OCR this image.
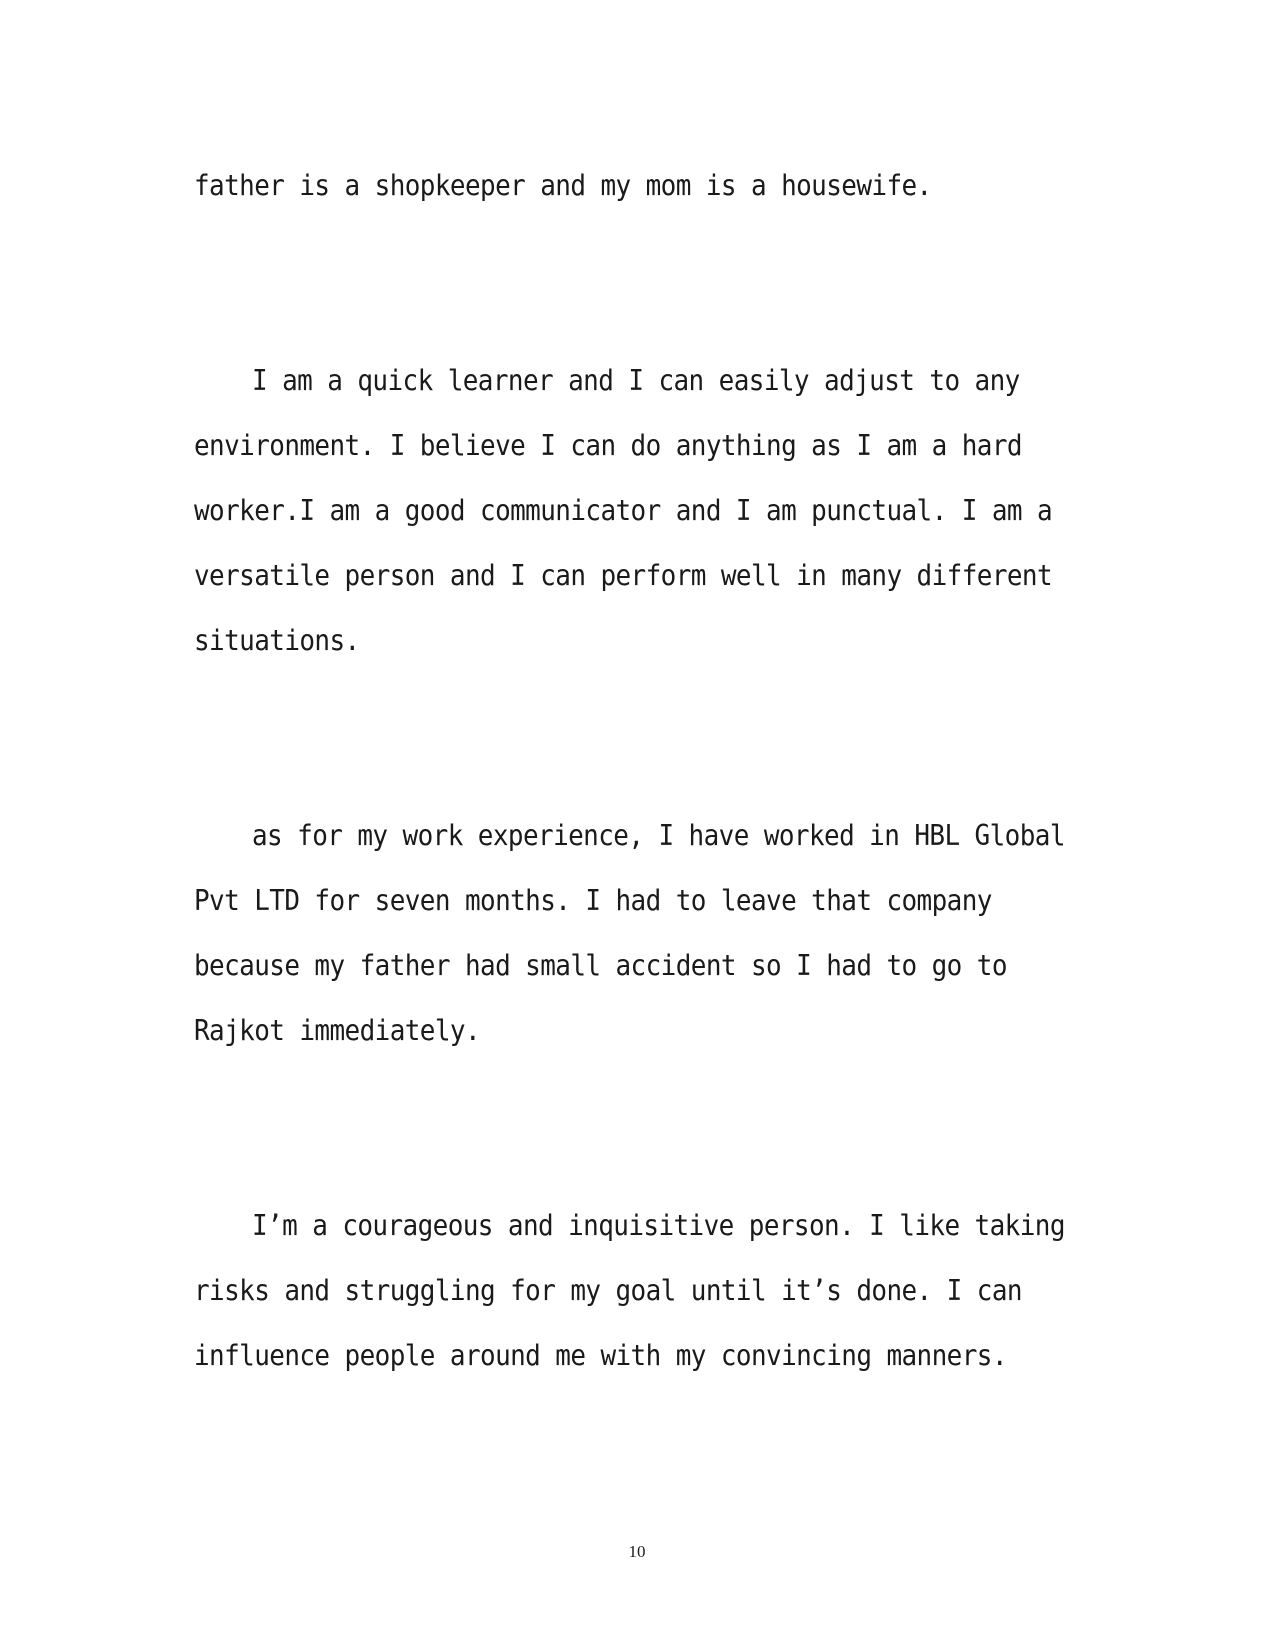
father is a shopkeeper and my mom is a housewife.

I am a quick learner and I can easily adjust to any

environment. I believe I can do anything as I am a hard

worker.I am a good communicator and I am punctual. I am a

versatile person and I can perform well in many different

situations.

as for my work experience, I have worked in HBL Global

Pvt LTD for seven months. I had to leave that company

because my father had small accident so I had to go to

Rajkot immediately.

I’m a courageous and inquisitive person. I like taking

risks and struggling for my goal until it’s done. I can

influence people around me with my convincing manners.

10
